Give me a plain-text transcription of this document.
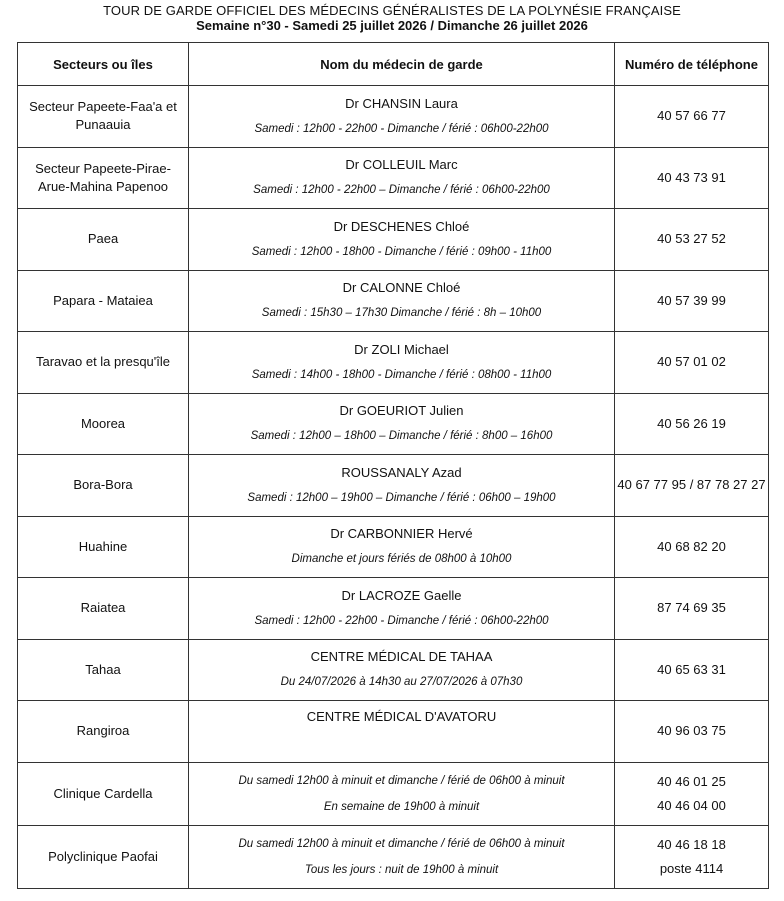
TOUR DE GARDE OFFICIEL DES MÉDECINS GÉNÉRALISTES DE LA POLYNÉSIE FRANÇAISE
Semaine n°30 - Samedi 25 juillet 2026 / Dimanche 26 juillet 2026
Secteurs ou îles	Nom du médecin de garde	Numéro de téléphone
Secteur Papeete-Faa'a et Punaauia	Dr CHANSIN Laura
Samedi : 12h00 - 22h00 - Dimanche / férié : 06h00-22h00	40 57 66 77

Secteur Papeete-Pirae-Arue-Mahina Papenoo	Dr COLLEUIL Marc
Samedi : 12h00 - 22h00 – Dimanche / férié : 06h00-22h00	40 43 73 91

Paea	Dr DESCHENES Chloé
Samedi : 12h00 - 18h00 - Dimanche / férié : 09h00 - 11h00	40 53 27 52

Papara - Mataiea	Dr CALONNE Chloé
Samedi : 15h30 – 17h30 Dimanche / férié : 8h – 10h00	40 57 39 99

Taravao et la presqu'île	Dr ZOLI Michael
Samedi : 14h00 - 18h00 - Dimanche / férié : 08h00 - 11h00	40 57 01 02

Moorea	Dr GOEURIOT Julien
Samedi : 12h00 – 18h00 – Dimanche / férié : 8h00 – 16h00	40 56 26 19

Bora-Bora	ROUSSANALY Azad
Samedi : 12h00 – 19h00 – Dimanche / férié : 06h00 – 19h00	40 67 77 95 / 87 78 27 27

Huahine	Dr CARBONNIER Hervé
Dimanche et jours fériés de 08h00 à 10h00	40 68 82 20

Raiatea	Dr LACROZE Gaelle
Samedi : 12h00 - 22h00 - Dimanche / férié : 06h00-22h00	87 74 69 35

Tahaa	CENTRE MÉDICAL DE TAHAA
Du 24/07/2026 à 14h30 au 27/07/2026 à 07h30	40 65 63 31

Rangiroa	CENTRE MÉDICAL D'AVATORU	40 96 03 75

Clinique Cardella	Du samedi 12h00 à minuit et dimanche / férié de 06h00 à minuit
En semaine de 19h00 à minuit	40 46 01 25
40 46 04 00

Polyclinique Paofai	Du samedi 12h00 à minuit et dimanche / férié de 06h00 à minuit
Tous les jours : nuit de 19h00 à minuit	40 46 18 18
poste 4114
